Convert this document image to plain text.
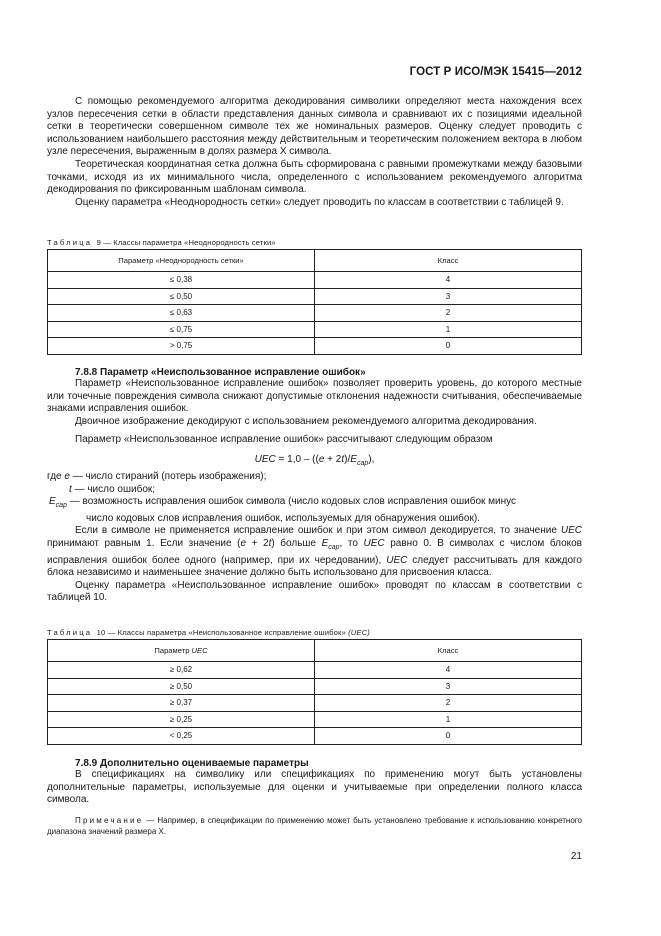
ГОСТ Р ИСО/МЭК 15415—2012

С помощью рекомендуемого алгоритма декодирования символики определяют места нахождения всех узлов пересечения сетки в области представления данных символа и сравнивают их с позициями идеальной сетки в теоретически совершенном символе тех же номинальных размеров. Оценку следует проводить с использованием наибольшего расстояния между действительным и теоретическим положением вектора в любом узле пересечения, выраженным в долях размера X символа.

Теоретическая координатная сетка должна быть сформирована с равными промежутками между базовыми точками, исходя из их минимального числа, определенного с использованием рекомендуемого алгоритма декодирования по фиксированным шаблонам символа.

Оценку параметра «Неоднородность сетки» следует проводить по классам в соответствии с таблицей 9.

Таблица 9 — Классы параметра «Неоднородность сетки»
Параметр «Неоднородность сетки»	Класс
≤ 0,38	4
≤ 0,50	3
≤ 0,63	2
≤ 0,75	1
> 0,75	0

7.8.8 Параметр «Неиспользованное исправление ошибок»

Параметр «Неиспользованное исправление ошибок» позволяет проверить уровень, до которого местные или точечные повреждения символа снижают допустимые отклонения надежности считывания, обеспечиваемые знаками исправления ошибок.

Двоичное изображение декодируют с использованием рекомендуемого алгоритма декодирования.

Параметр «Неиспользованное исправление ошибок» рассчитывают следующим образом

UEC = $1,0 - ((e + 2t)/E_{cap})$,

где e — число стираний (потерь изображения);
t — число ошибок;
$E_{cap}$ — возможность исправления ошибок символа (число кодовых слов исправления ошибок минус
число кодовых слов исправления ошибок, используемых для обнаружения ошибок).

Если в символе не применяется исправление ошибок и при этом символ декодируется, то значение UEC принимают равным 1. Если значение (e + 2t) больше $E_{cap}$, то UEC равно 0. В символах с числом блоков исправления ошибок более одного (например, при их чередовании), UEC следует рассчитывать для каждого блока независимо и наименьшее значение должно быть использовано для присвоения класса.

Оценку параметра «Неиспользованное исправление ошибок» проводят по классам в соответствии с таблицей 10.

Таблица 10 — Классы параметра «Неиспользованное исправление ошибок» (UEC)
Параметр UEC	Класс
≥ 0,62	4
≥ 0,50	3
≥ 0,37	2
≥ 0,25	1
< 0,25	0

7.8.9 Дополнительно оцениваемые параметры

В спецификациях на символику или спецификациях по применению могут быть установлены дополнительные параметры, используемые для оценки и учитываемые при определении полного класса символа.

Примечание — Например, в спецификации по применению может быть установлено требование к использованию конкретного диапазона значений размера X.

21
